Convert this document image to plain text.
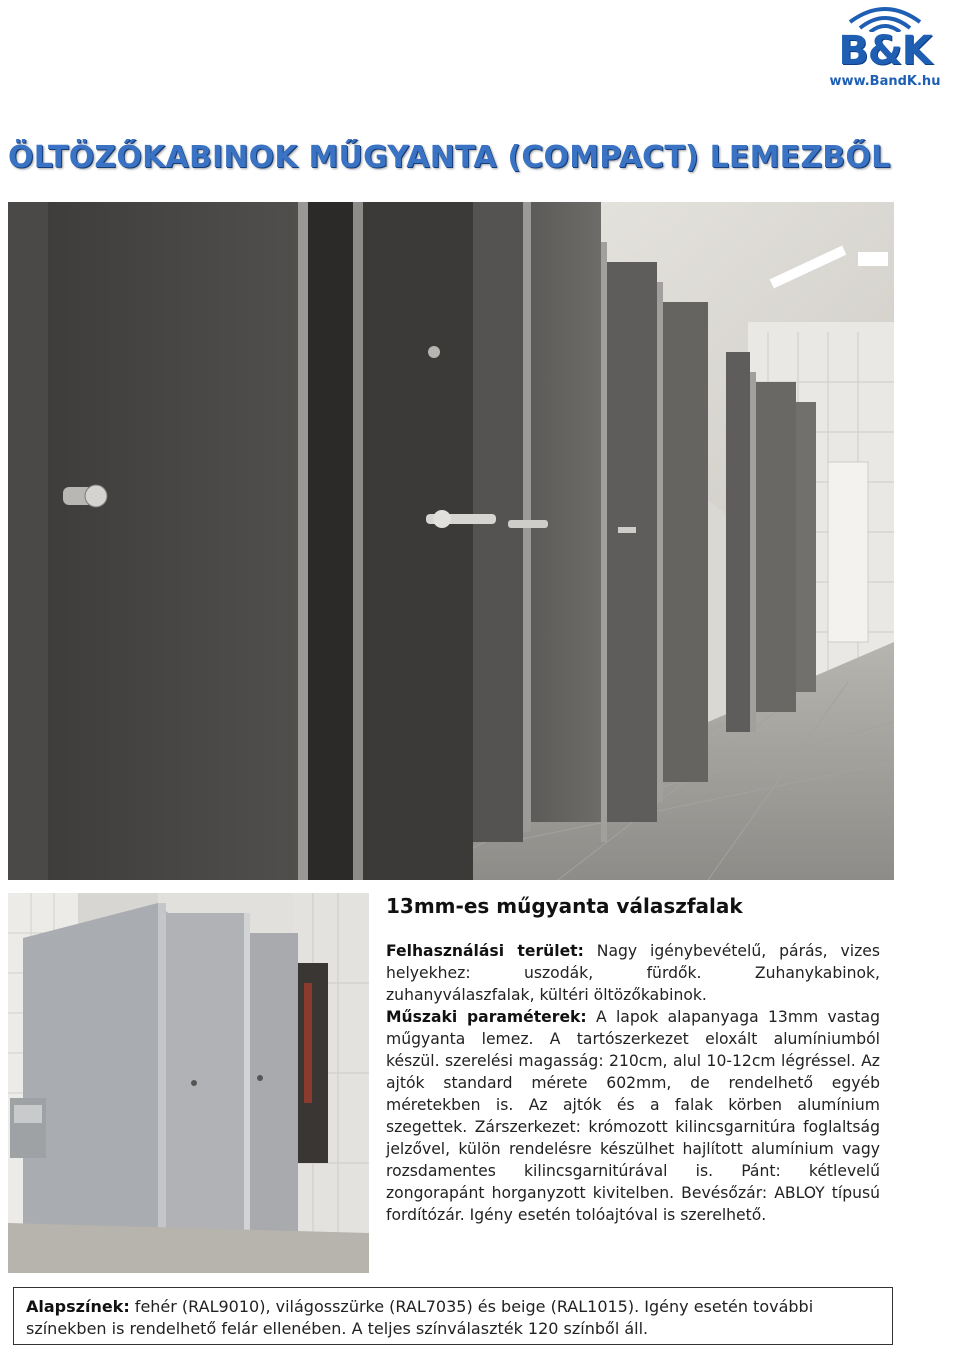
B&K
www.BandK.hu
ÖLTÖZŐKABINOK MŰGYANTA (COMPACT) LEMEZBŐL
13mm-es műgyanta válaszfalak

Felhasználási terület: Nagy igénybevételű, párás, vizes helyekhez: uszodák, fürdők. Zuhanykabinok, zuhanyválaszfalak, kültéri öltözőkabinok.
Műszaki paraméterek: A lapok alapanyaga 13mm vastag műgyanta lemez. A tartószerkezet eloxált alumíniumból készül. szerelési magasság: 210cm, alul 10-12cm légréssel. Az ajtók standard mérete 602mm, de rendelhető egyéb méretekben is. Az ajtók és a falak körben alumínium szegettek. Zárszerkezet: krómozott kilincsgarnitúra foglaltság jelzővel, külön rendelésre készülhet hajlított alumínium vagy rozsdamentes kilincsgarnitúrával is. Pánt: kétlevelű zongorapánt horganyzott kivitelben. Bevésőzár: ABLOY típusú fordítózár. Igény esetén tolóajtóval is szerelhető.

Alapszínek: fehér (RAL9010), világosszürke (RAL7035) és beige (RAL1015). Igény esetén további színekben is rendelhető felár ellenében. A teljes színválaszték 120 színből áll.
